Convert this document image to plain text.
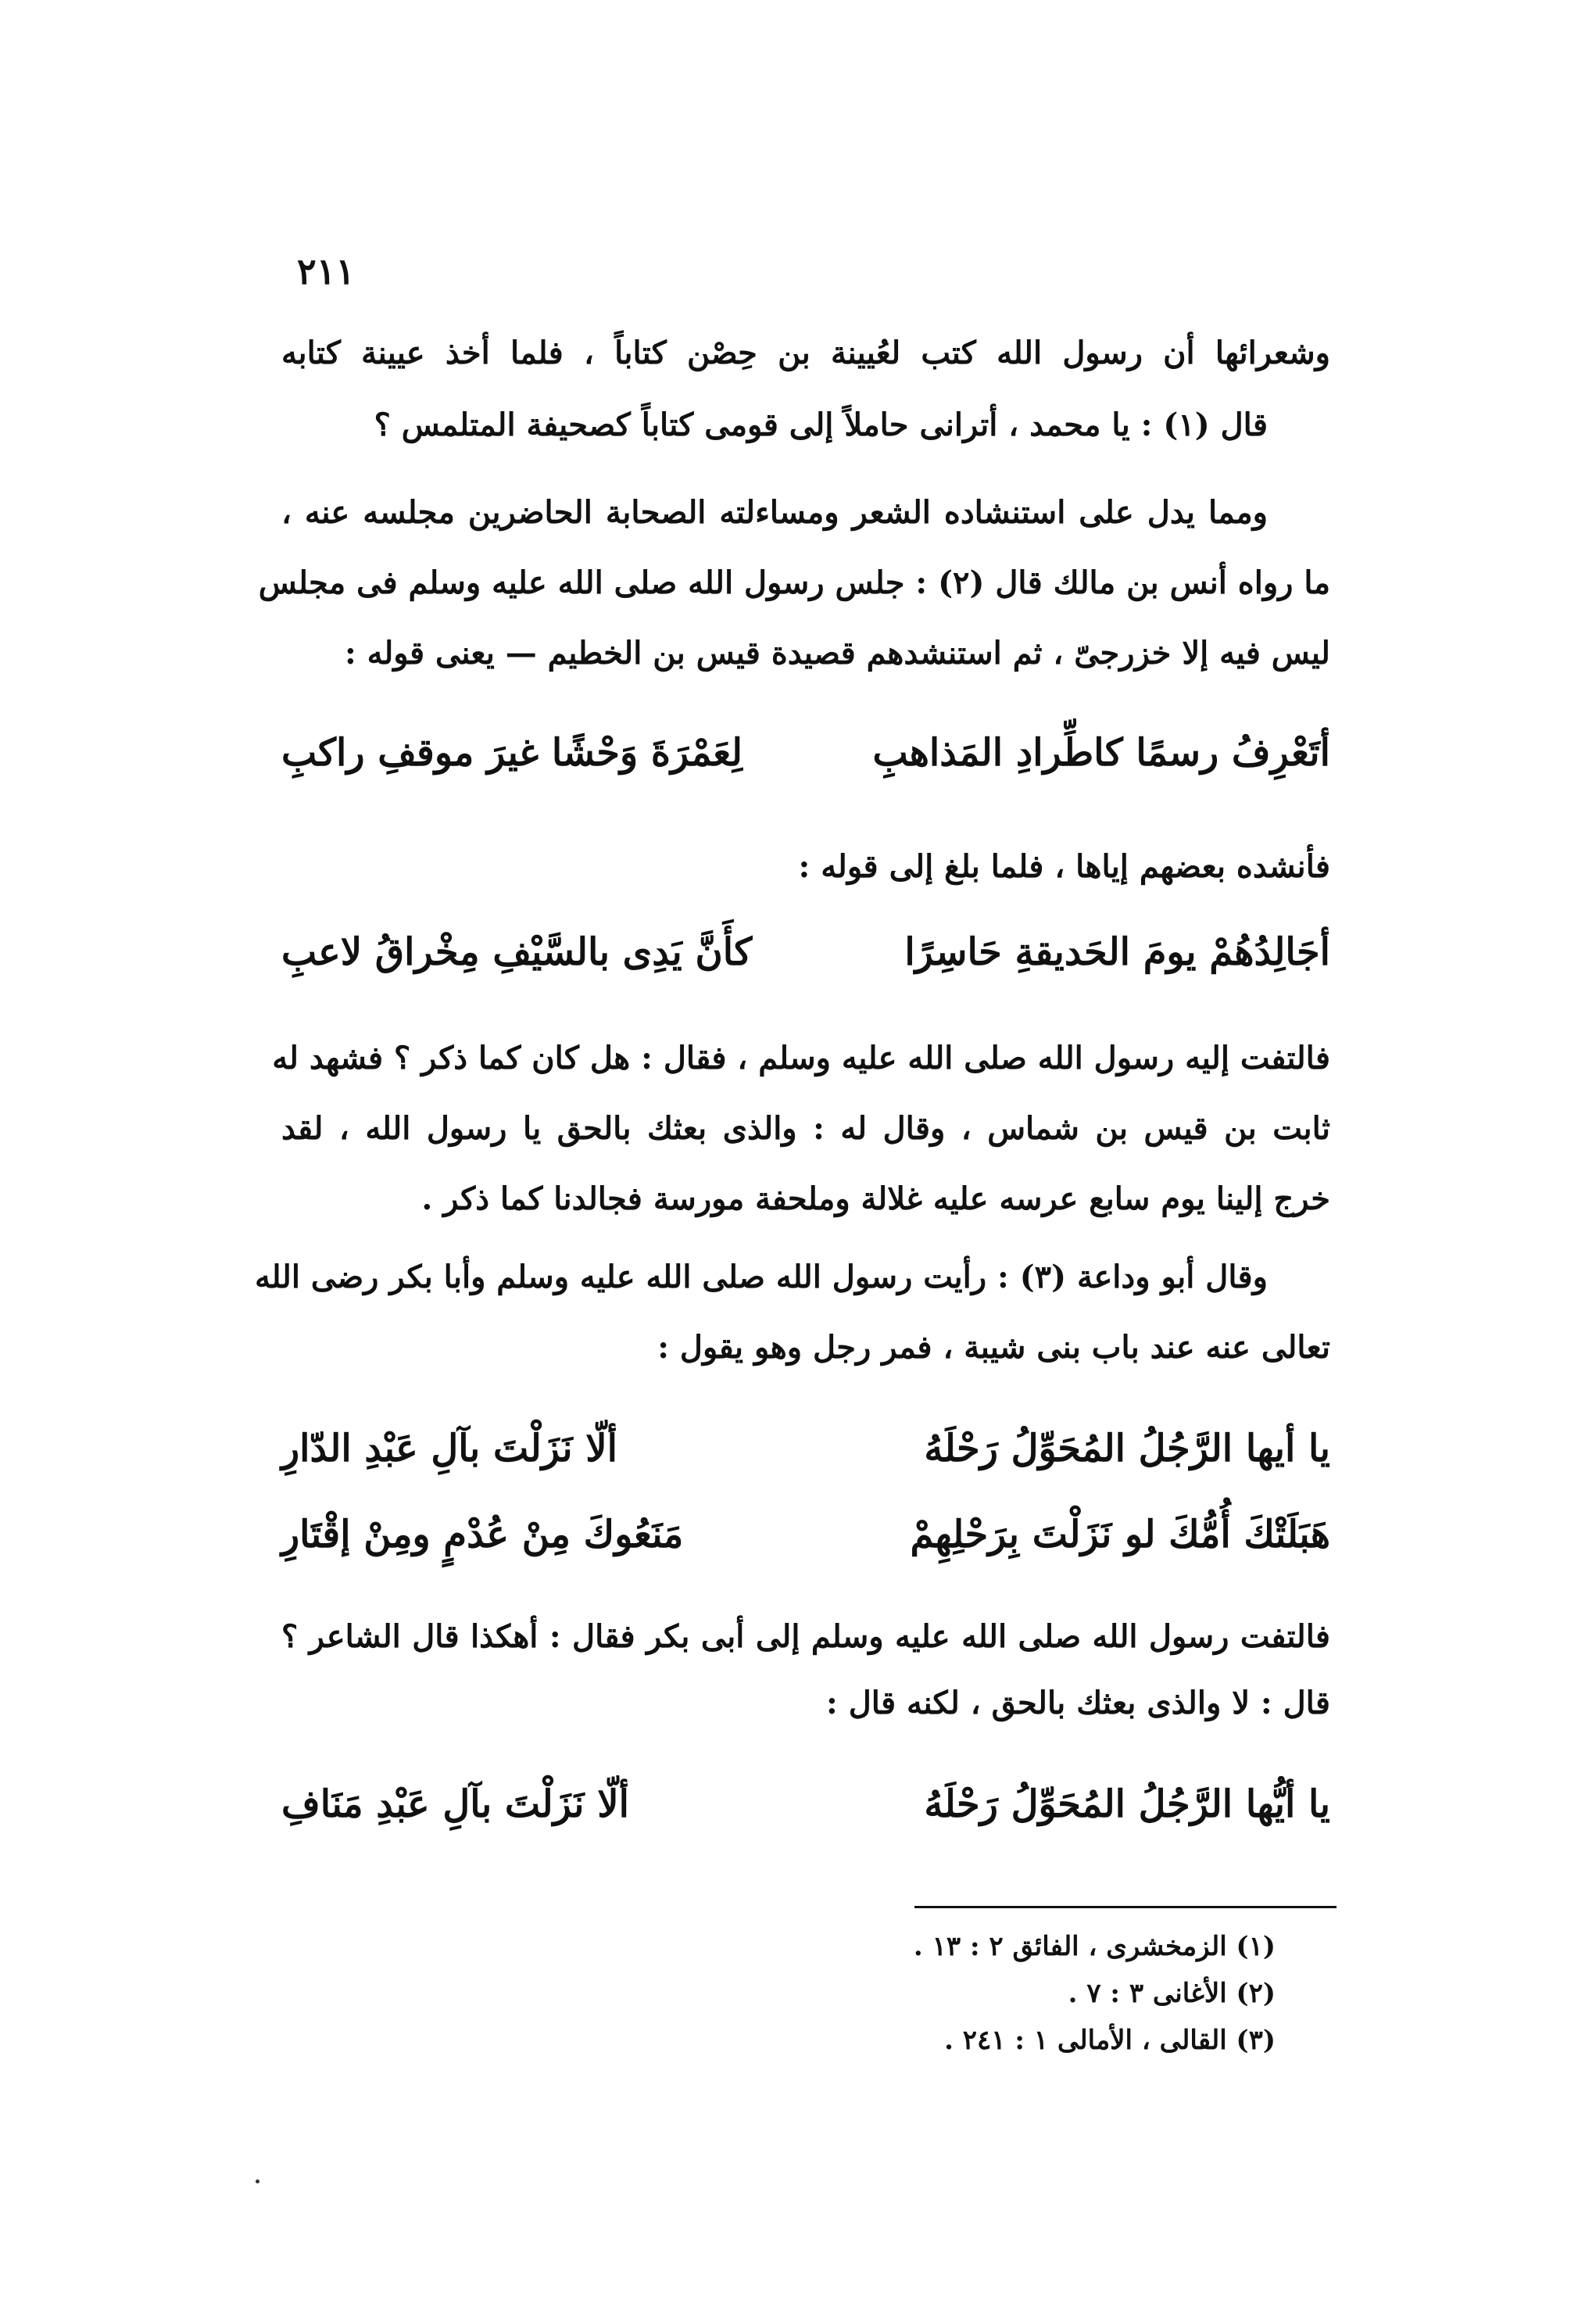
٢١١
وشعرائها أن رسول الله كتب لعُيينة بن حِصْن كتاباً ، فلما أخذ عيينة كتابه
قال (١) : يا محمد ، أترانى حاملاً إلى قومى كتاباً كصحيفة المتلمس ؟
ومما يدل على استنشاده الشعر ومساءلته الصحابة الحاضرين مجلسه عنه ،
ما رواه أنس بن مالك قال (٢) : جلس رسول الله صلى الله عليه وسلم فى مجلس
ليس فيه إلا خزرجىّ ، ثم استنشدهم قصيدة قيس بن الخطيم — يعنى قوله :
أتَعْرِفُ رسمًا كاطِّرادِ المَذاهبِ
لِعَمْرَةَ وَحْشًا غيرَ موقفِ راكبِ
فأنشده بعضهم إياها ، فلما بلغ إلى قوله :
أجَالِدُهُمْ يومَ الحَديقةِ حَاسِرًا
كأَنَّ يَدِى بالسَّيْفِ مِخْراقُ لاعبِ
فالتفت إليه رسول الله صلى الله عليه وسلم ، فقال : هل كان كما ذكر ؟ فشهد له
ثابت بن قيس بن شماس ، وقال له : والذى بعثك بالحق يا رسول الله ، لقد
خرج إلينا يوم سابع عرسه عليه غلالة وملحفة مورسة فجالدنا كما ذكر .
وقال أبو وداعة (٣) : رأيت رسول الله صلى الله عليه وسلم وأبا بكر رضى الله
تعالى عنه عند باب بنى شيبة ، فمر رجل وهو يقول :
يا أيها الرَّجُلُ المُحَوِّلُ رَحْلَهُ
ألّا نَزَلْتَ بآلِ عَبْدِ الدّارِ
هَبَلَتْكَ أُمُّكَ لو نَزَلْتَ بِرَحْلِهِمْ
مَنَعُوكَ مِنْ عُدْمٍ ومِنْ إقْتَارِ
فالتفت رسول الله صلى الله عليه وسلم إلى أبى بكر فقال : أهكذا قال الشاعر ؟
قال : لا والذى بعثك بالحق ، لكنه قال :
يا أيُّها الرَّجُلُ المُحَوِّلُ رَحْلَهُ
ألّا نَزَلْتَ بآلِ عَبْدِ مَنَافِ
(١) الزمخشرى ، الفائق ٢ : ١٣ .
(٢) الأغانى ٣ : ٧ .
(٣) القالى ، الأمالى ١ : ٢٤١ .
